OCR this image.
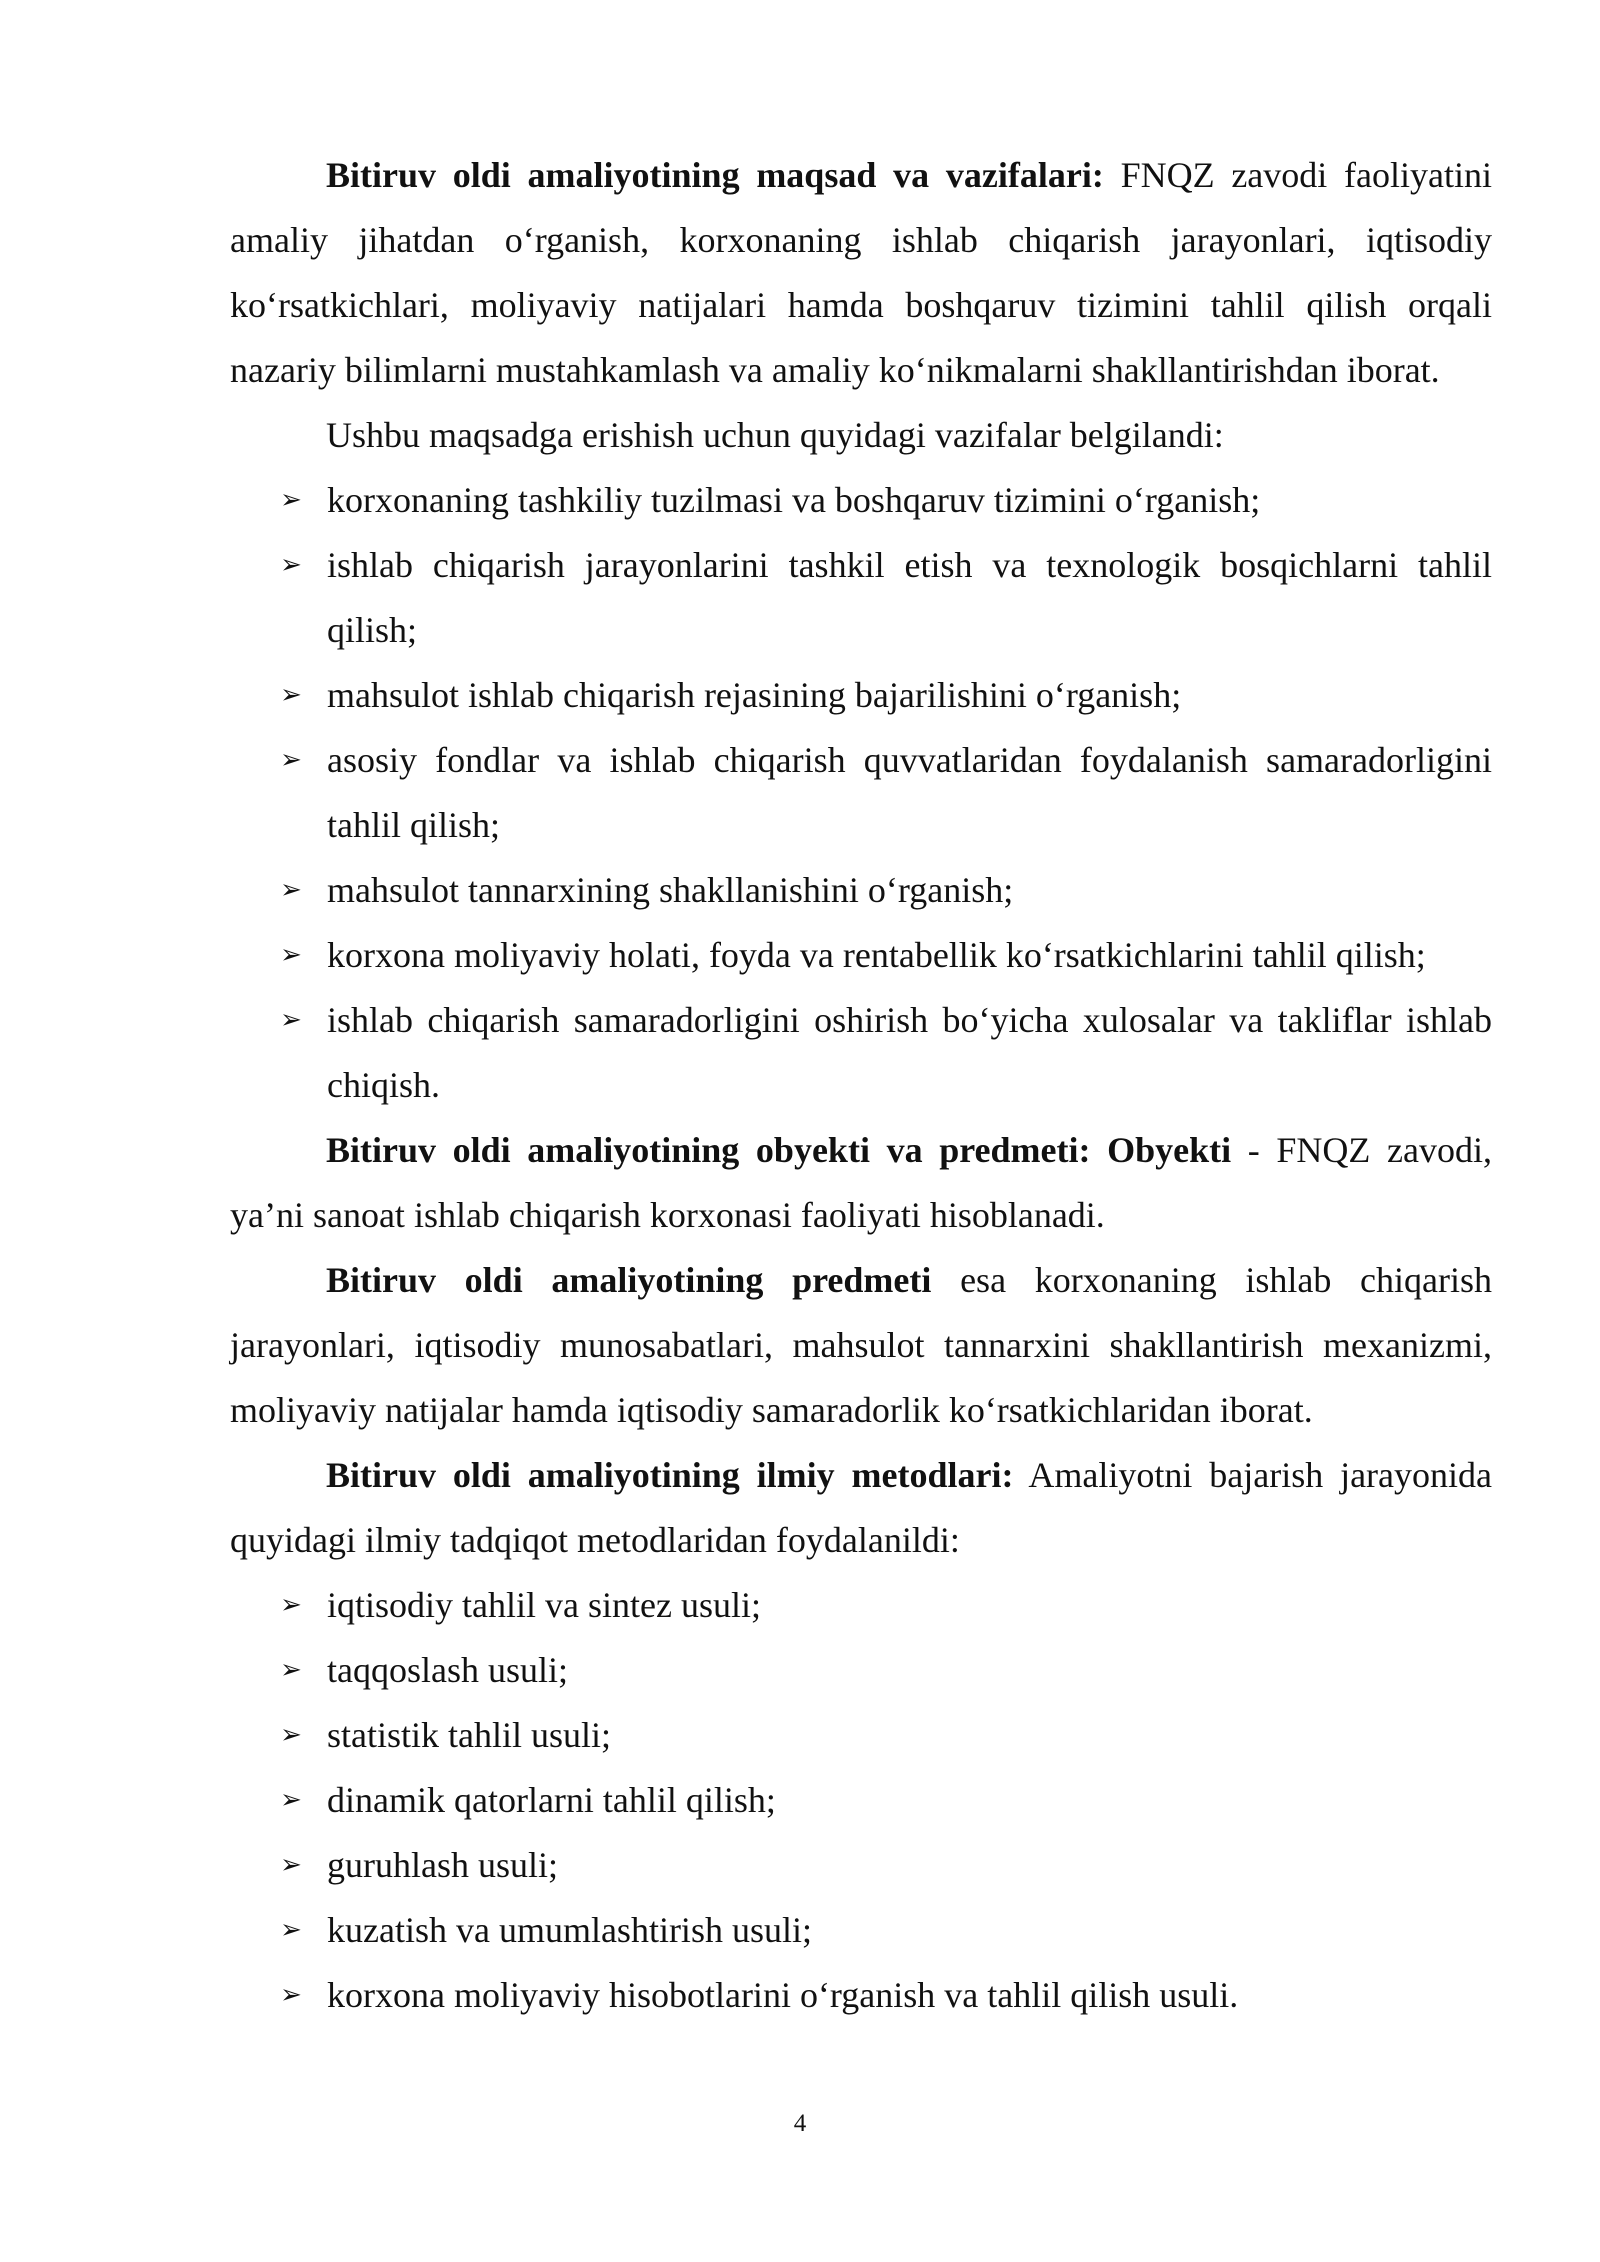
Bitiruv oldi amaliyotining maqsad va vazifalari: FNQZ zavodi faoliyatini
amaliy jihatdan o‘rganish, korxonaning ishlab chiqarish jarayonlari, iqtisodiy
ko‘rsatkichlari, moliyaviy natijalari hamda boshqaruv tizimini tahlil qilish orqali
nazariy bilimlarni mustahkamlash va amaliy ko‘nikmalarni shakllantirishdan iborat.
Ushbu maqsadga erishish uchun quyidagi vazifalar belgilandi:
➢ korxonaning tashkiliy tuzilmasi va boshqaruv tizimini o‘rganish;
➢ ishlab chiqarish jarayonlarini tashkil etish va texnologik bosqichlarni tahlil
qilish;
➢ mahsulot ishlab chiqarish rejasining bajarilishini o‘rganish;
➢ asosiy fondlar va ishlab chiqarish quvvatlaridan foydalanish samaradorligini
tahlil qilish;
➢ mahsulot tannarxining shakllanishini o‘rganish;
➢ korxona moliyaviy holati, foyda va rentabellik ko‘rsatkichlarini tahlil qilish;
➢ ishlab chiqarish samaradorligini oshirish bo‘yicha xulosalar va takliflar ishlab
chiqish.
Bitiruv oldi amaliyotining obyekti va predmeti: Obyekti - FNQZ zavodi,
ya’ni sanoat ishlab chiqarish korxonasi faoliyati hisoblanadi.
Bitiruv oldi amaliyotining predmeti esa korxonaning ishlab chiqarish
jarayonlari, iqtisodiy munosabatlari, mahsulot tannarxini shakllantirish mexanizmi,
moliyaviy natijalar hamda iqtisodiy samaradorlik ko‘rsatkichlaridan iborat.
Bitiruv oldi amaliyotining ilmiy metodlari: Amaliyotni bajarish jarayonida
quyidagi ilmiy tadqiqot metodlaridan foydalanildi:
➢ iqtisodiy tahlil va sintez usuli;
➢ taqqoslash usuli;
➢ statistik tahlil usuli;
➢ dinamik qatorlarni tahlil qilish;
➢ guruhlash usuli;
➢ kuzatish va umumlashtirish usuli;
➢ korxona moliyaviy hisobotlarini o‘rganish va tahlil qilish usuli.
4
